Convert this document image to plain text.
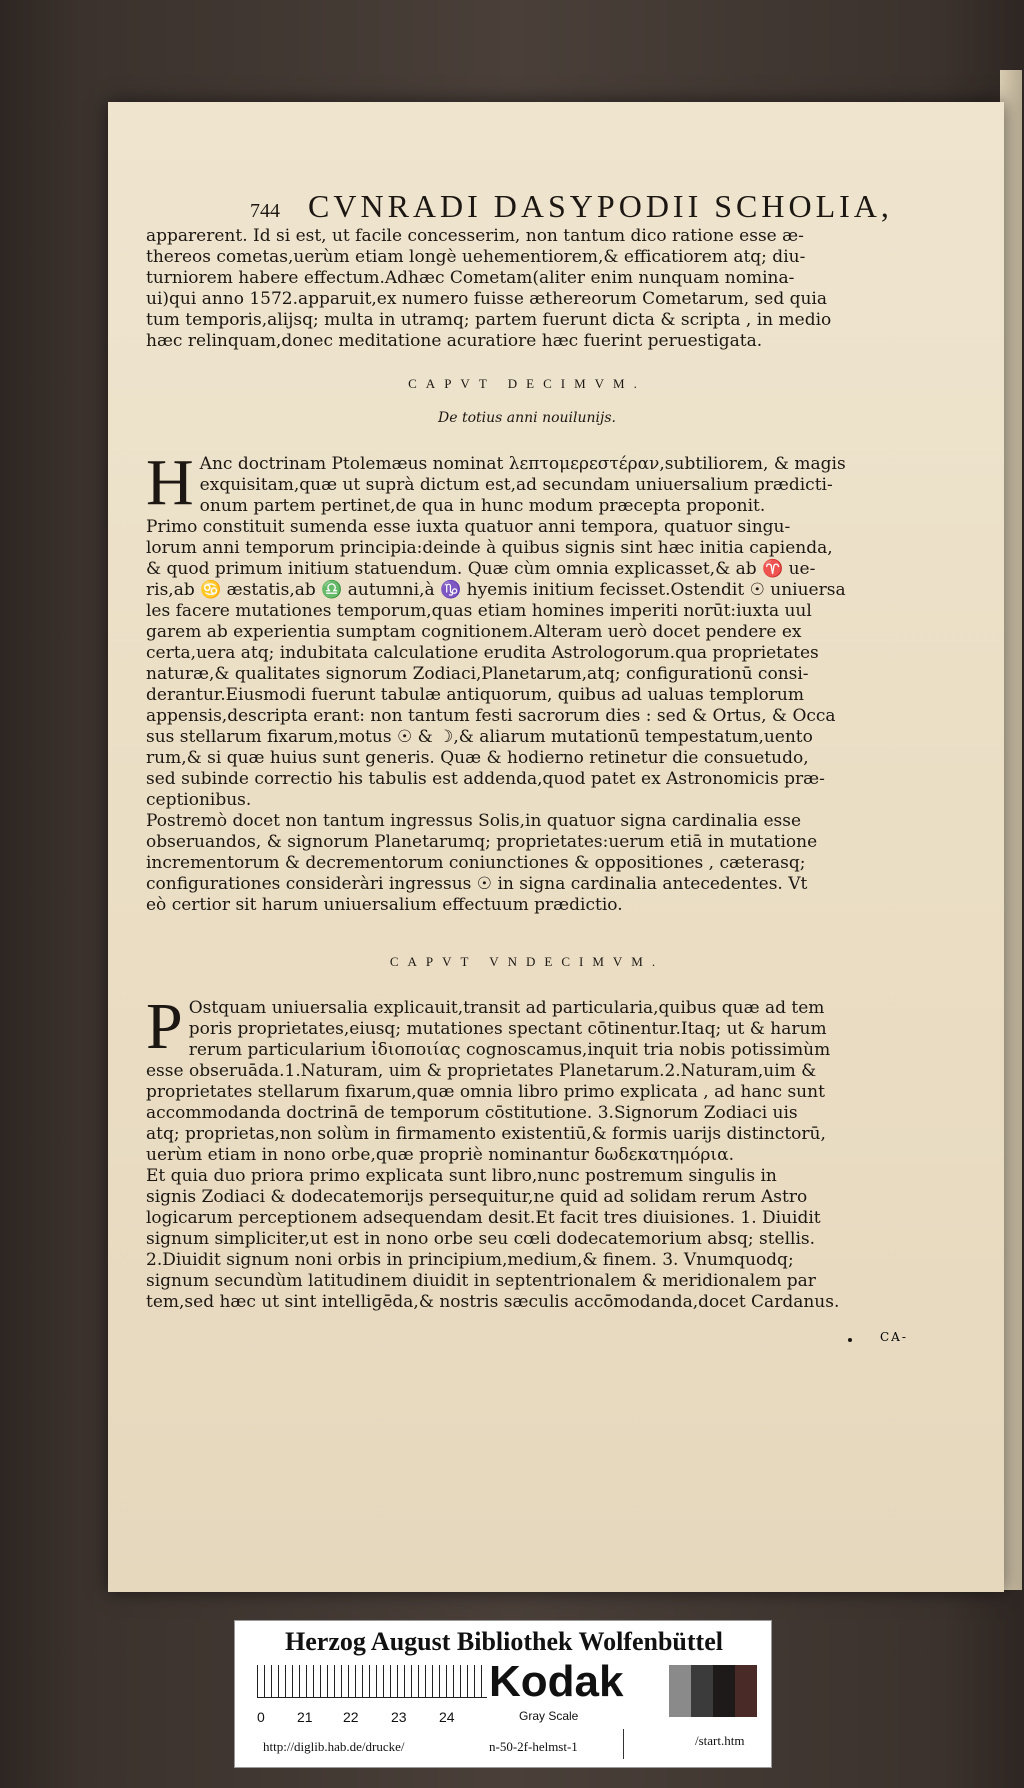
744 CVNRADI DASYPODII SCHOLIA,

apparerent. Id si est, ut facile concesserim, non tantum dico ratione esse æ-

thereos cometas,uerùm etiam longè uehementiorem,& efficatiorem atq; diu-

turniorem habere effectum.Adhæc Cometam(aliter enim nunquam nomina-

ui)qui anno 1572.apparuit,ex numero fuisse æthereorum Cometarum, sed quia

tum temporis,alijsq; multa in utramq; partem fuerunt dicta & scripta , in medio

hæc relinquam,donec meditatione acuratiore hæc fuerint peruestigata.

CAPVT DECIMVM.

De totius anni nouilunijs.

H Anc doctrinam Ptolemæus nominat λεπτομερεστέραν,subtiliorem, & magis

exquisitam,quæ ut suprà dictum est,ad secundam uniuersalium prædicti-

onum partem pertinet,de qua in hunc modum præcepta proponit.

Primo constituit sumenda esse iuxta quatuor anni tempora, quatuor singu-

lorum anni temporum principia:deinde à quibus signis sint hæc initia capienda,

& quod primum initium statuendum. Quæ cùm omnia explicasset,& ab ♈ ue-

ris,ab ♋ æstatis,ab ♎ autumni,à ♑ hyemis initium fecisset.Ostendit ☉ uniuersa

les facere mutationes temporum,quas etiam homines imperiti norūt:iuxta uul

garem ab experientia sumptam cognitionem.Alteram uerò docet pendere ex

certa,uera atq; indubitata calculatione erudita Astrologorum.qua proprietates

naturæ,& qualitates signorum Zodiaci,Planetarum,atq; configurationū consi-

derantur.Eiusmodi fuerunt tabulæ antiquorum, quibus ad ualuas templorum

appensis,descripta erant: non tantum festi sacrorum dies : sed & Ortus, & Occa

sus stellarum fixarum,motus ☉ & ☽,& aliarum mutationū tempestatum,uento

rum,& si quæ huius sunt generis. Quæ & hodierno retinetur die consuetudo,

sed subinde correctio his tabulis est addenda,quod patet ex Astronomicis præ-

ceptionibus.

Postremò docet non tantum ingressus Solis,in quatuor signa cardinalia esse

obseruandos, & signorum Planetarumq; proprietates:uerum etiā in mutatione

incrementorum & decrementorum coniunctiones & oppositiones , cæterasq;

configurationes consideràri ingressus ☉ in signa cardinalia antecedentes. Vt

eò certior sit harum uniuersalium effectuum prædictio.

CAPVT VNDECIMVM.

P Ostquam uniuersalia explicauit,transit ad particularia,quibus quæ ad tem

poris proprietates,eiusq; mutationes spectant cōtinentur.Itaq; ut & harum

rerum particularium ἰδιοποιίας cognoscamus,inquit tria nobis potissimùm

esse obseruāda.1.Naturam, uim & proprietates Planetarum.2.Naturam,uim &

proprietates stellarum fixarum,quæ omnia libro primo explicata , ad hanc sunt

accommodanda doctrinā de temporum cōstitutione. 3.Signorum Zodiaci uis

atq; proprietas,non solùm in firmamento existentiū,& formis uarijs distinctorū,

uerùm etiam in nono orbe,quæ propriè nominantur δωδεκατημόρια.

Et quia duo priora primo explicata sunt libro,nunc postremum singulis in

signis Zodiaci & dodecatemorijs persequitur,ne quid ad solidam rerum Astro

logicarum perceptionem adsequendam desit.Et facit tres diuisiones. 1. Diuidit

signum simpliciter,ut est in nono orbe seu cœli dodecatemorium absq; stellis.

2.Diuidit signum noni orbis in principium,medium,& finem. 3. Vnumquodq;

signum secundùm latitudinem diuidit in septentrionalem & meridionalem par

tem,sed hæc ut sint intelligēda,& nostris sæculis accōmodanda,docet Cardanus.

CA-
Herzog August Bibliothek Wolfenbüttel
0 21 22 23 24
Kodak
Gray Scale
http://diglib.hab.de/drucke/	n-50-2f-helmst-1	/start.htm
